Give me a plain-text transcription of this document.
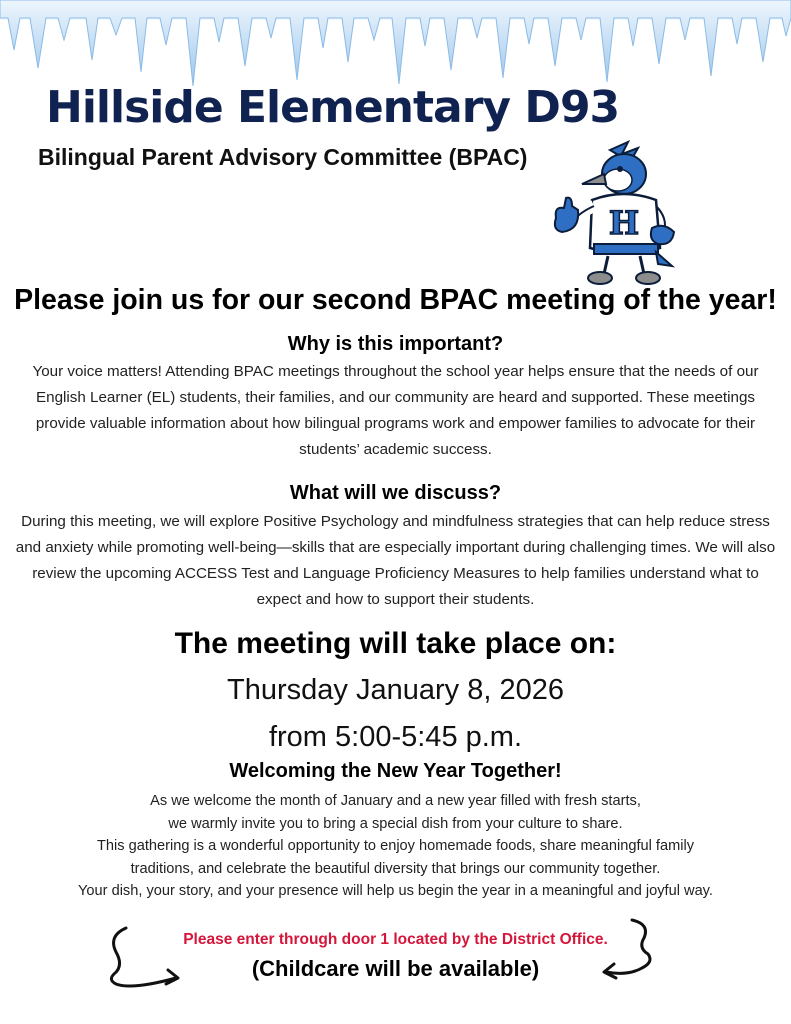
Hillside Elementary D93
Bilingual Parent Advisory Committee (BPAC)
H
Please join us for our second BPAC meeting of the year!
Why is this important?

Your voice matters! Attending BPAC meetings throughout the school year helps ensure that the needs of our English Learner (EL) students, their families, and our community are heard and supported. These meetings provide valuable information about how bilingual programs work and empower families to advocate for their students’ academic success.

What will we discuss?

During this meeting, we will explore Positive Psychology and mindfulness strategies that can help reduce stress and anxiety while promoting well-being—skills that are especially important during challenging times. We will also review the upcoming ACCESS Test and Language Proficiency Measures to help families understand what to expect and how to support their students.

The meeting will take place on:

Thursday January 8, 2026

from 5:00-5:45 p.m.

Welcoming the New Year Together!

As we welcome the month of January and a new year filled with fresh starts,
we warmly invite you to bring a special dish from your culture to share.
This gathering is a wonderful opportunity to enjoy homemade foods, share meaningful family
traditions, and celebrate the beautiful diversity that brings our community together.
Your dish, your story, and your presence will help us begin the year in a meaningful and joyful way.

Please enter through door 1 located by the District Office.

(Childcare will be available)
